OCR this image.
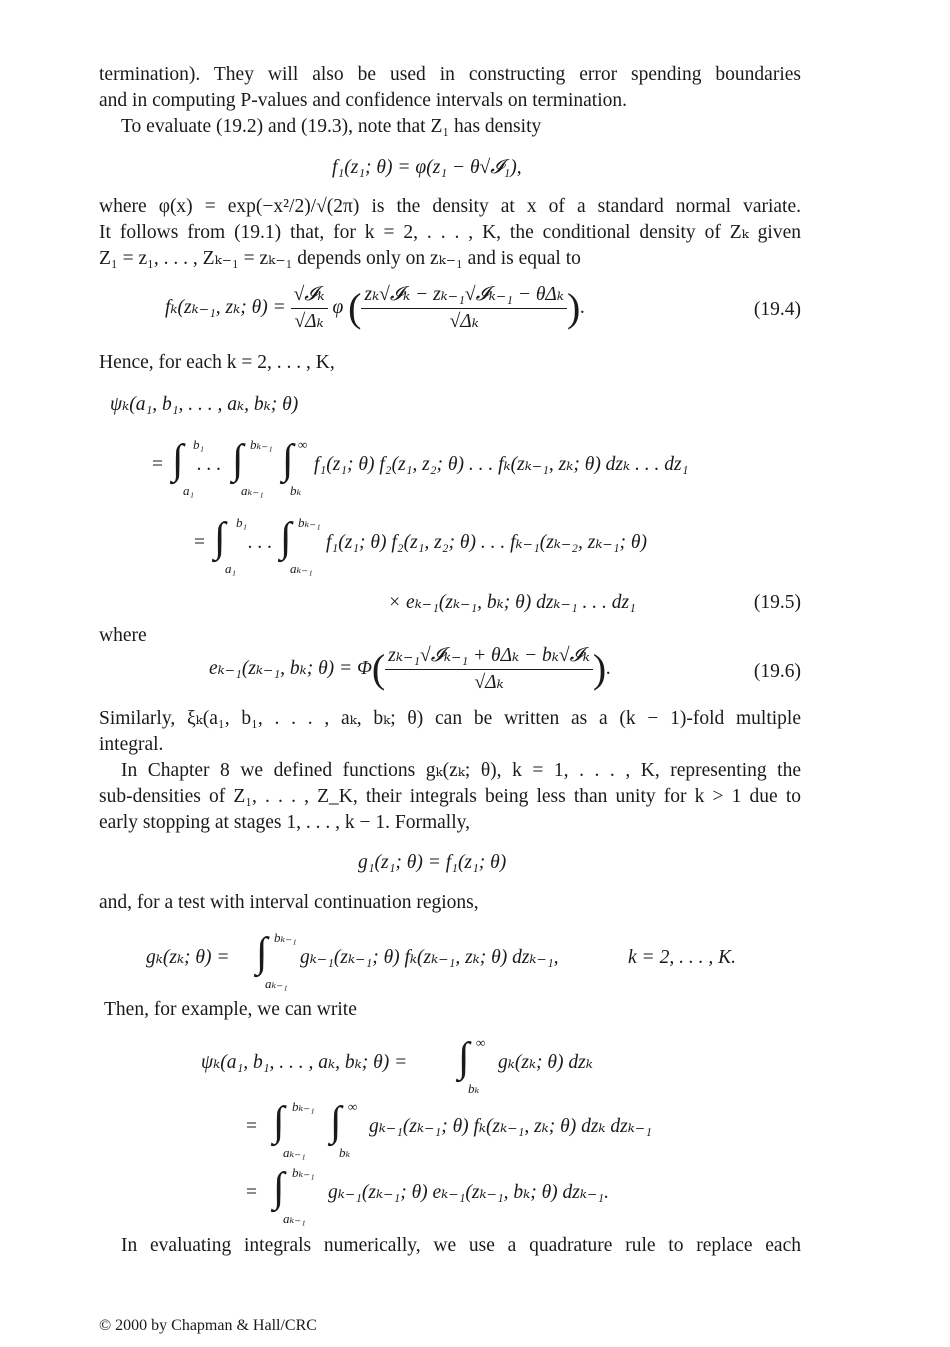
termination). They will also be used in constructing error spending boundaries

and in computing P-values and confidence intervals on termination.

To evaluate (19.2) and (19.3), note that Z₁ has density

f₁(z₁; θ) = φ(z₁ − θ√𝓘₁),

where φ(x) = exp(−x²/2)/√(2π) is the density at x of a standard normal variate.

It follows from (19.1) that, for k = 2, . . . , K, the conditional density of Zₖ given

Z₁ = z₁, . . . , Zₖ₋₁ = zₖ₋₁ depends only on zₖ₋₁ and is equal to

fₖ(zₖ₋₁, zₖ; $\theta) = \frac{\text{√𝓘ₖ}}{\text{√Δₖ}}$ φ ( $\frac{\text{zₖ√𝓘ₖ − zₖ₋₁√𝓘ₖ₋₁ − θΔₖ}}{\text{√Δₖ}}$ ).	(19.4)

Hence, for each k = 2, . . . , K,

ψₖ(a₁, b₁, . . . , aₖ, bₖ; θ)
= ∫ b₁
a₁
. . . ∫ bₖ₋₁
aₖ₋₁
∫ ∞
bₖ
f₁(z₁; θ) f₂(z₁, z₂; θ) . . . fₖ(zₖ₋₁, zₖ; θ) dzₖ . . . dz₁
= ∫ b₁
a₁
. . . ∫ bₖ₋₁
aₖ₋₁
f₁(z₁; θ) f₂(z₁, z₂; θ) . . . fₖ₋₁(zₖ₋₂, zₖ₋₁; θ)
× eₖ₋₁(zₖ₋₁, bₖ; θ) dzₖ₋₁ . . . dz₁	(19.5)

where

eₖ₋₁(zₖ₋₁, bₖ; $\theta) = \Phi( \frac{\text{zₖ₋₁√𝓘ₖ₋₁ + θΔₖ − bₖ√𝓘ₖ}}{\text{√Δₖ}}$ ).	(19.6)

Similarly, ξₖ(a₁, b₁, . . . , aₖ, bₖ; θ) can be written as a (k − 1)-fold multiple

integral.

In Chapter 8 we defined functions gₖ(zₖ; θ), k = 1, . . . , K, representing the

sub-densities of Z₁, . . . , Z_K, their integrals being less than unity for k > 1 due to

early stopping at stages 1, . . . , k − 1. Formally,

g₁(z₁; θ) = f₁(z₁; θ)

and, for a test with interval continuation regions,

gₖ(zₖ; θ) = ∫ bₖ₋₁
aₖ₋₁
gₖ₋₁(zₖ₋₁; θ) fₖ(zₖ₋₁, zₖ; θ) dzₖ₋₁,	k = 2, . . . , K.

Then, for example, we can write

ψₖ(a₁, b₁, . . . , aₖ, bₖ; θ) = ∫ ∞
bₖ
gₖ(zₖ; θ) dzₖ
= ∫ bₖ₋₁
aₖ₋₁
∫ ∞
bₖ
gₖ₋₁(zₖ₋₁; θ) fₖ(zₖ₋₁, zₖ; θ) dzₖ dzₖ₋₁
= ∫ bₖ₋₁
aₖ₋₁
gₖ₋₁(zₖ₋₁; θ) eₖ₋₁(zₖ₋₁, bₖ; θ) dzₖ₋₁.

In evaluating integrals numerically, we use a quadrature rule to replace each

© 2000 by Chapman & Hall/CRC
